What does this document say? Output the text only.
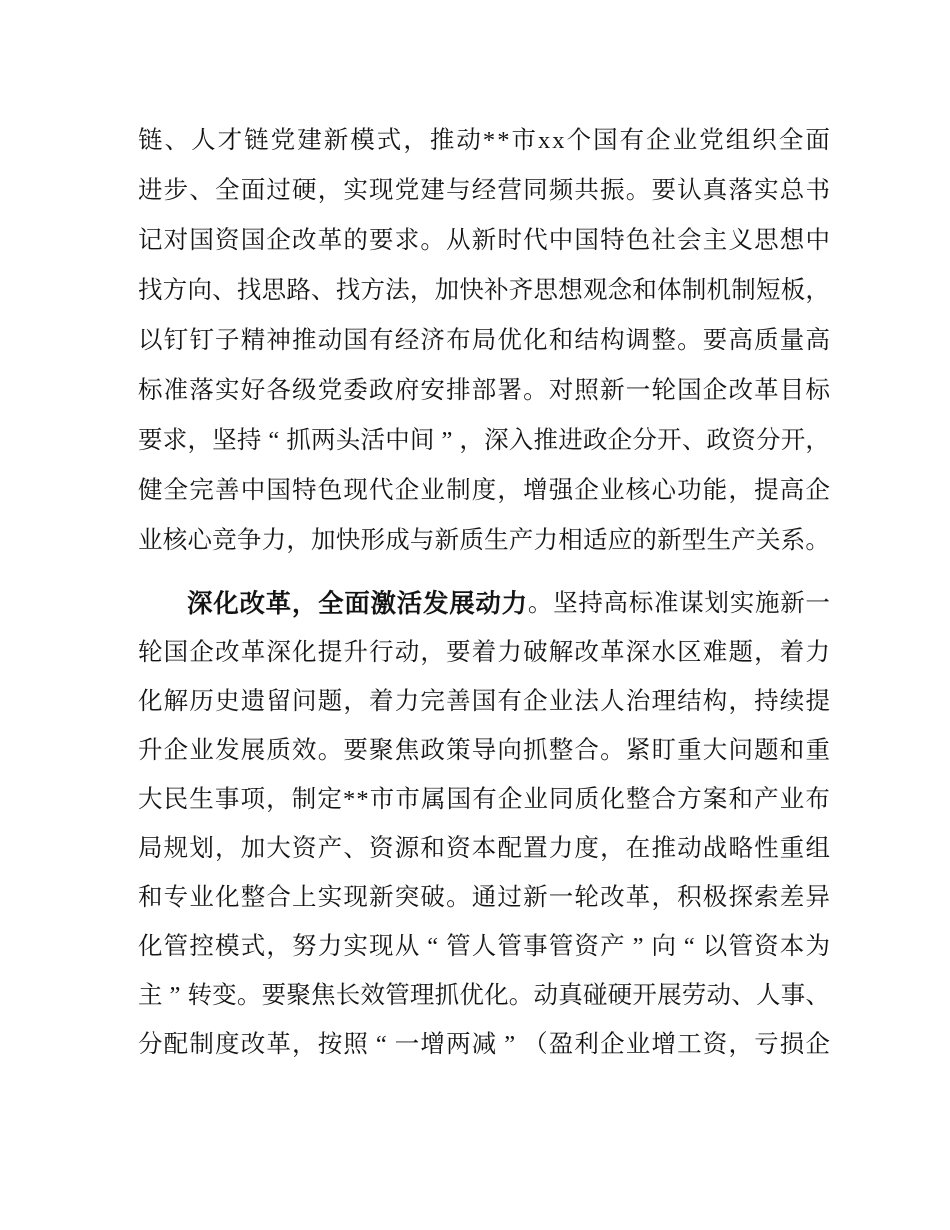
链 、 人 才 链 党 建 新 模 式 ， 推 动 * * 市 x x 个 国 有 企 业 党 组 织 全 面
进 步 、 全 面 过 硬 ， 实 现 党 建 与 经 营 同 频 共 振 。 要 认 真 落 实 总 书
记 对 国 资 国 企 改 革 的 要 求 。 从 新 时 代 中 国 特 色 社 会 主 义 思 想 中
找 方 向 、 找 思 路 、 找 方 法 ， 加 快 补 齐 思 想 观 念 和 体 制 机 制 短 板 ，
以 钉 钉 子 精 神 推 动 国 有 经 济 布 局 优 化 和 结 构 调 整 。 要 高 质 量 高
标 准 落 实 好 各 级 党 委 政 府 安 排 部 署 。 对 照 新 一 轮 国 企 改 革 目 标
要 求 ， 坚 持 “ 抓 两 头 活 中 间 ” ， 深 入 推 进 政 企 分 开 、 政 资 分 开 ，
健 全 完 善 中 国 特 色 现 代 企 业 制 度 ， 增 强 企 业 核 心 功 能 ， 提 高 企
业 核 心 竞 争 力 ， 加 快 形 成 与 新 质 生 产 力 相 适 应 的 新 型 生 产 关 系 。
深 化 改 革 ， 全 面 激 活 发 展 动 力 。 坚 持 高 标 准 谋 划 实 施 新 一
轮 国 企 改 革 深 化 提 升 行 动 ， 要 着 力 破 解 改 革 深 水 区 难 题 ， 着 力
化 解 历 史 遗 留 问 题 ， 着 力 完 善 国 有 企 业 法 人 治 理 结 构 ， 持 续 提
升 企 业 发 展 质 效 。 要 聚 焦 政 策 导 向 抓 整 合 。 紧 盯 重 大 问 题 和 重
大 民 生 事 项 ， 制 定 * * 市 市 属 国 有 企 业 同 质 化 整 合 方 案 和 产 业 布
局 规 划 ， 加 大 资 产 、 资 源 和 资 本 配 置 力 度 ， 在 推 动 战 略 性 重 组
和 专 业 化 整 合 上 实 现 新 突 破 。 通 过 新 一 轮 改 革 ， 积 极 探 索 差 异
化 管 控 模 式 ， 努 力 实 现 从 “ 管 人 管 事 管 资 产 ” 向 “ 以 管 资 本 为
主 ” 转 变 。 要 聚 焦 长 效 管 理 抓 优 化 。 动 真 碰 硬 开 展 劳 动 、 人 事 、
分 配 制 度 改 革 ， 按 照 “ 一 增 两 减 ” （ 盈 利 企 业 增 工 资 ， 亏 损 企
